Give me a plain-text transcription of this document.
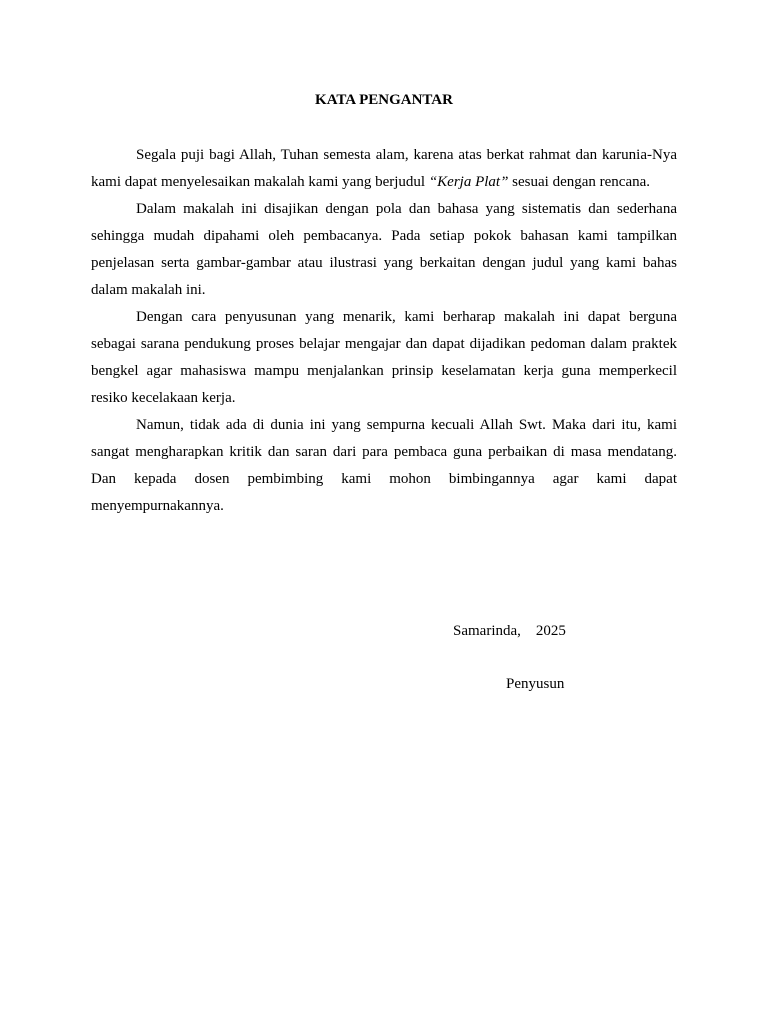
KATA PENGANTAR

Segala puji bagi Allah, Tuhan semesta alam, karena atas berkat rahmat dan karunia-Nya kami dapat menyelesaikan makalah kami yang berjudul “Kerja Plat” sesuai dengan rencana.

Dalam makalah ini disajikan dengan pola dan bahasa yang sistematis dan sederhana sehingga mudah dipahami oleh pembacanya. Pada setiap pokok bahasan kami tampilkan penjelasan serta gambar-gambar atau ilustrasi yang berkaitan dengan judul yang kami bahas dalam makalah ini.

Dengan cara penyusunan yang menarik, kami berharap makalah ini dapat berguna sebagai sarana pendukung proses belajar mengajar dan dapat dijadikan pedoman dalam praktek bengkel agar mahasiswa mampu menjalankan prinsip keselamatan kerja guna memperkecil resiko kecelakaan kerja.

Namun, tidak ada di dunia ini yang sempurna kecuali Allah Swt. Maka dari itu, kami sangat mengharapkan kritik dan saran dari para pembaca guna perbaikan di masa mendatang. Dan kepada dosen pembimbing kami mohon bimbingannya agar kami dapat

menyempurnakannya.

Samarinda,    2025

Penyusun
